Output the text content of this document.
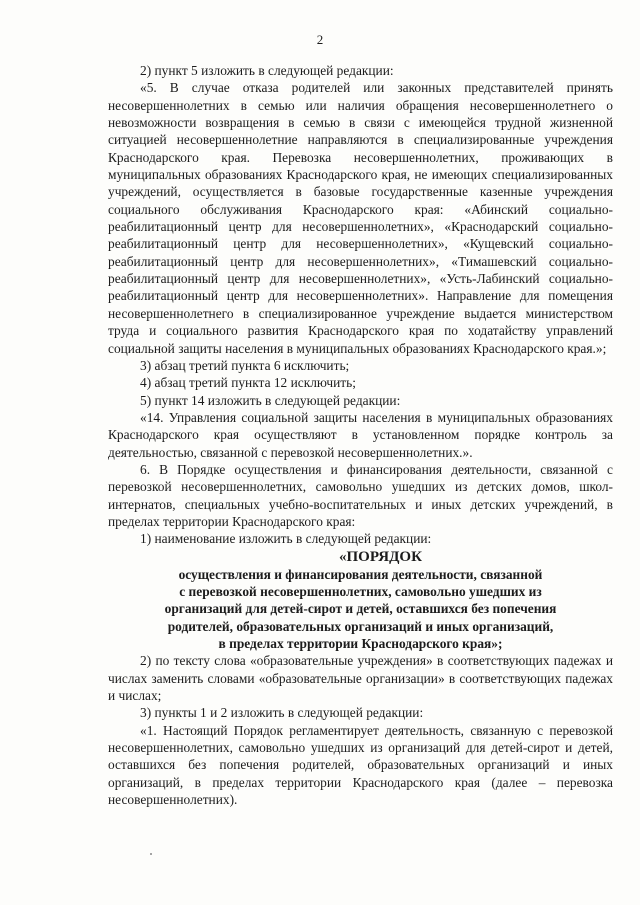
2

2) пункт 5 изложить в следующей редакции:

«5. В случае отказа родителей или законных представителей принять несовершеннолетних в семью или наличия обращения несовершеннолетнего о невозможности возвращения в семью в связи с имеющейся трудной жизненной ситуацией несовершеннолетние направляются в специализированные учреждения Краснодарского края. Перевозка несовершеннолетних, проживающих в муниципальных образованиях Краснодарского края, не имеющих специализированных учреждений, осуществляется в базовые государственные казенные учреждения социального обслуживания Краснодарского края: «Абинский социально-реабилитационный центр для несовершеннолетних», «Краснодарский социально-реабилитационный центр для несовершеннолетних», «Кущевский социально-реабилитационный центр для несовершеннолетних», «Тимашевский социально-реабилитационный центр для несовершеннолетних», «Усть-Лабинский социально-реабилитационный центр для несовершеннолетних». Направление для помещения несовершеннолетнего в специализированное учреждение выдается министерством труда и социального развития Краснодарского края по ходатайству управлений социальной защиты населения в муниципальных образованиях Краснодарского края.»;

3) абзац третий пункта 6 исключить;

4) абзац третий пункта 12 исключить;

5) пункт 14 изложить в следующей редакции:

«14. Управления социальной защиты населения в муниципальных образованиях Краснодарского края осуществляют в установленном порядке контроль за деятельностью, связанной с перевозкой несовершеннолетних.».

6. В Порядке осуществления и финансирования деятельности, связанной с перевозкой несовершеннолетних, самовольно ушедших из детских домов, школ-интернатов, специальных учебно-воспитательных и иных детских учреждений, в пределах территории Краснодарского края:

1) наименование изложить в следующей редакции:

«ПОРЯДОК
осуществления и финансирования деятельности, связанной
с перевозкой несовершеннолетних, самовольно ушедших из
организаций для детей-сирот и детей, оставшихся без попечения
родителей, образовательных организаций и иных организаций,
в пределах территории Краснодарского края»;

2) по тексту слова «образовательные учреждения» в соответствующих падежах и числах заменить словами «образовательные организации» в соответствующих падежах и числах;

3) пункты 1 и 2 изложить в следующей редакции:

«1. Настоящий Порядок регламентирует деятельность, связанную с перевозкой несовершеннолетних, самовольно ушедших из организаций для детей-сирот и детей, оставшихся без попечения родителей, образовательных организаций и иных организаций, в пределах территории Краснодарского края (далее – перевозка несовершеннолетних).
